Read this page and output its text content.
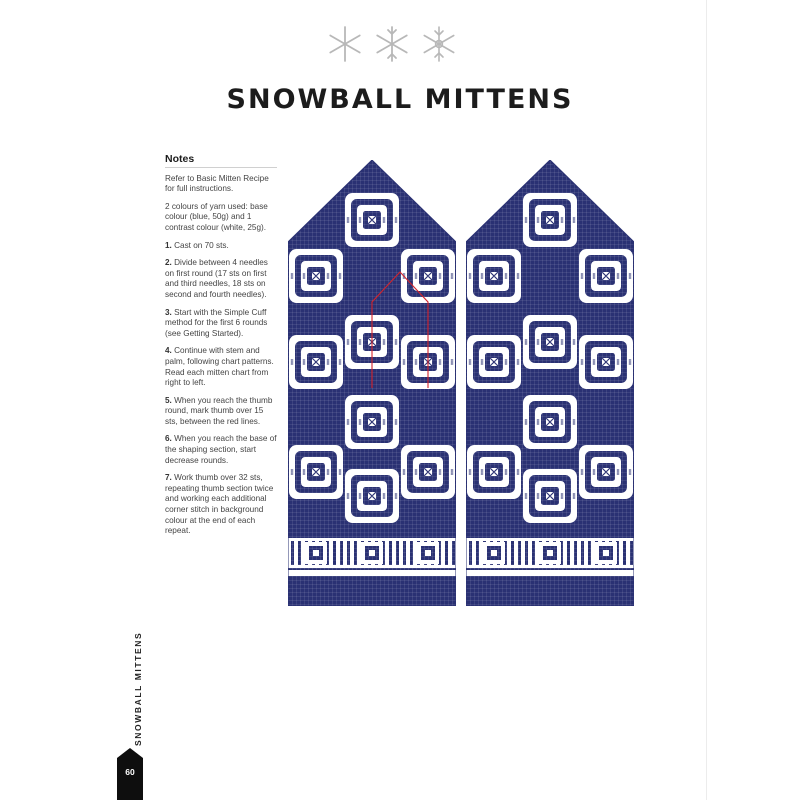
SNOWBALL MITTENS
Notes

Refer to Basic Mitten Recipe for full instructions.

2 colours of yarn used: base colour (blue, 50g) and 1 contrast colour (white, 25g).

1. Cast on 70 sts.

2. Divide between 4 needles on first round (17 sts on first and third needles, 18 sts on second and fourth needles).

3. Start with the Simple Cuff method for the first 6 rounds (see Getting Started).

4. Continue with stem and palm, following chart patterns. Read each mitten chart from right to left.

5. When you reach the thumb round, mark thumb over 15 sts, between the red lines.

6. When you reach the base of the shaping section, start decrease rounds.

7. Work thumb over 32 sts, repeating thumb section twice and working each additional corner stitch in background colour at the end of each repeat.

SNOWBALL MITTENS
60
